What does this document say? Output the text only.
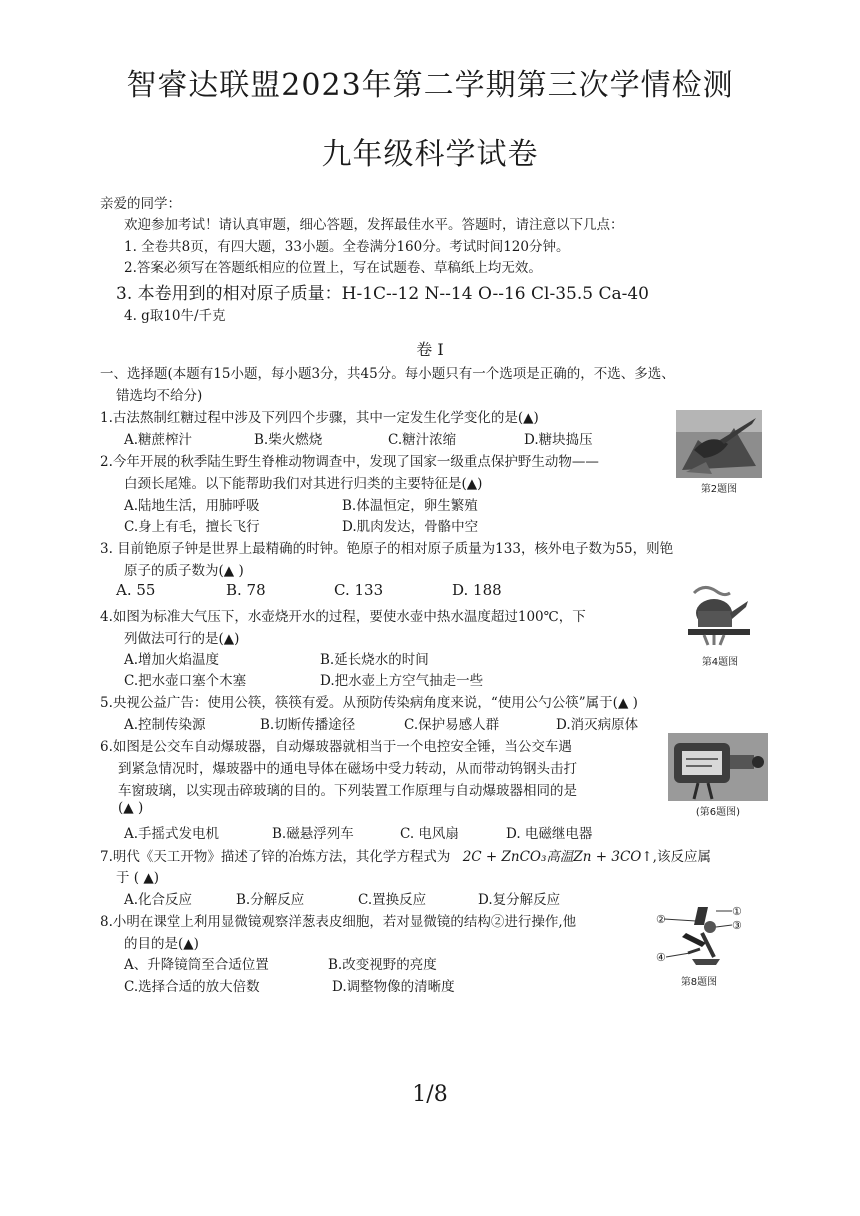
智睿达联盟2023年第二学期第三次学情检测
九年级科学试卷
亲爱的同学：
欢迎参加考试！请认真审题，细心答题，发挥最佳水平。答题时，请注意以下几点：
1. 全卷共8页，有四大题，33小题。全卷满分160分。考试时间120分钟。
2.答案必须写在答题纸相应的位置上，写在试题卷、草稿纸上均无效。
3. 本卷用到的相对原子质量：H-1C--12 N--14 O--16 Cl-35.5 Ca-40
4. g取10牛/千克
卷 I
一、选择题(本题有15小题，每小题3分，共45分。每小题只有一个选项是正确的，不选、多选、
错选均不给分)
1.古法熬制红糖过程中涉及下列四个步骤，其中一定发生化学变化的是(▲)
A.糖蔗榨汁	B.柴火燃烧	C.糖汁浓缩	D.糖块捣压
2.今年开展的秋季陆生野生脊椎动物调查中，发现了国家一级重点保护野生动物——
白颈长尾雉。以下能帮助我们对其进行归类的主要特征是(▲)
A.陆地生活，用肺呼吸	B.体温恒定，卵生繁殖
C.身上有毛，擅长飞行	D.肌肉发达，骨骼中空
第2题图
3. 目前铯原子钟是世界上最精确的时钟。铯原子的相对原子质量为133，核外电子数为55，则铯
原子的质子数为(▲ )
A. 55	B. 78	C. 133	D. 188
4.如图为标准大气压下，水壶烧开水的过程，要使水壶中热水温度超过100℃，下
列做法可行的是(▲)
A.增加火焰温度	B.延长烧水的时间
C.把水壶口塞个木塞	D.把水壶上方空气抽走一些
第4题图
5.央视公益广告：使用公筷，筷筷有爱。从预防传染病角度来说，“使用公勺公筷”属于(▲ )
A.控制传染源	B.切断传播途径	C.保护易感人群	D.消灭病原体
6.如图是公交车自动爆玻器，自动爆玻器就相当于一个电控安全锤，当公交车遇
到紧急情况时，爆玻器中的通电导体在磁场中受力转动，从而带动钨钢头击打
车窗玻璃，以实现击碎玻璃的目的。下列装置工作原理与自动爆玻器相同的是
(▲ )
A.手摇式发电机	B.磁悬浮列车	C. 电风扇	D. 电磁继电器
(第6题图)
7.明代《天工开物》描述了锌的冶炼方法，其化学方程式为 2C + ZnCO₃高温Zn + 3CO↑,该反应属
于 ( ▲)
A.化合反应	B.分解反应	C.置换反应	D.复分解反应
8.小明在课堂上利用显微镜观察洋葱表皮细胞，若对显微镜的结构②进行操作,他
的目的是(▲)
A、升降镜筒至合适位置	B.改变视野的亮度
C.选择合适的放大倍数	D.调整物像的清晰度
①
②	③
④
第8题图
1/8
